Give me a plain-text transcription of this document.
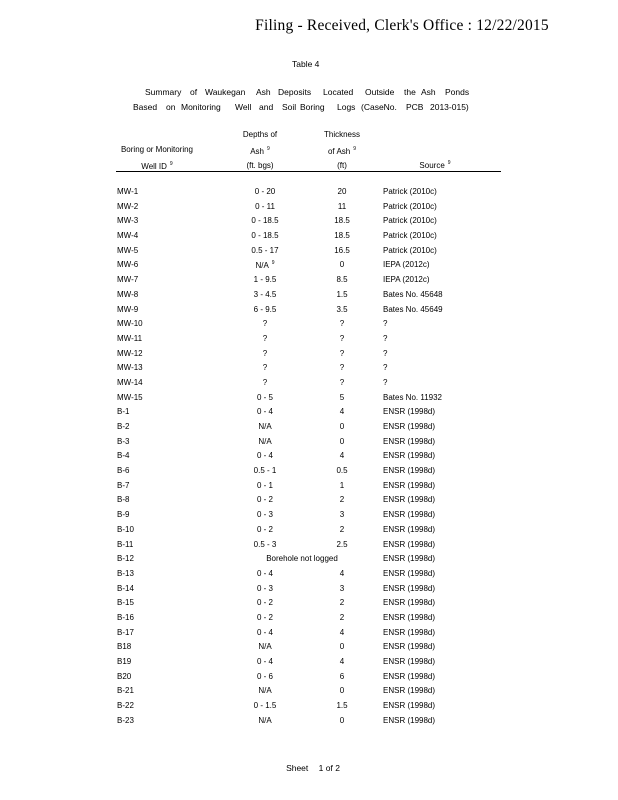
Filing - Received, Clerk's Office : 12/22/2015
Table 4
Summary of Waukegan Ash Deposits Located Outside the Ash Ponds
Based on Monitoring Well and Soil Boring Logs (CaseNo. PCB 2013-015)
Boring or Monitoring
Well ID $^9$
Depths of
Ash $^9$
(ft. bgs)
Thickness
of Ash $^9$
(ft)	Source $^9$
MW-1	0 - 20	20	Patrick (2010c)
MW-2	0 - 11	11	Patrick (2010c)
MW-3	0 - 18.5	18.5	Patrick (2010c)
MW-4	0 - 18.5	18.5	Patrick (2010c)
MW-5	0.5 - 17	16.5	Patrick (2010c)
MW-6	N/A $^9$	0	IEPA (2012c)
MW-7	1 - 9.5	8.5	IEPA (2012c)
MW-8	3 - 4.5	1.5	Bates No. 45648
MW-9	6 - 9.5	3.5	Bates No. 45649
MW-10	?	?	?
MW-11	?	?	?
MW-12	?	?	?
MW-13	?	?	?
MW-14	?	?	?
MW-15	0 - 5	5	Bates No. 11932
B-1	0 - 4	4	ENSR (1998d)
B-2	N/A	0	ENSR (1998d)
B-3	N/A	0	ENSR (1998d)
B-4	0 - 4	4	ENSR (1998d)
B-6	0.5 - 1	0.5	ENSR (1998d)
B-7	0 - 1	1	ENSR (1998d)
B-8	0 - 2	2	ENSR (1998d)
B-9	0 - 3	3	ENSR (1998d)
B-10	0 - 2	2	ENSR (1998d)
B-11	0.5 - 3	2.5	ENSR (1998d)
B-12	Borehole not logged	ENSR (1998d)
B-13	0 - 4	4	ENSR (1998d)
B-14	0 - 3	3	ENSR (1998d)
B-15	0 - 2	2	ENSR (1998d)
B-16	0 - 2	2	ENSR (1998d)
B-17	0 - 4	4	ENSR (1998d)
B18	N/A	0	ENSR (1998d)
B19	0 - 4	4	ENSR (1998d)
B20	0 - 6	6	ENSR (1998d)
B-21	N/A	0	ENSR (1998d)
B-22	0 - 1.5	1.5	ENSR (1998d)
B-23	N/A	0	ENSR (1998d)
Sheet 1 of 2
